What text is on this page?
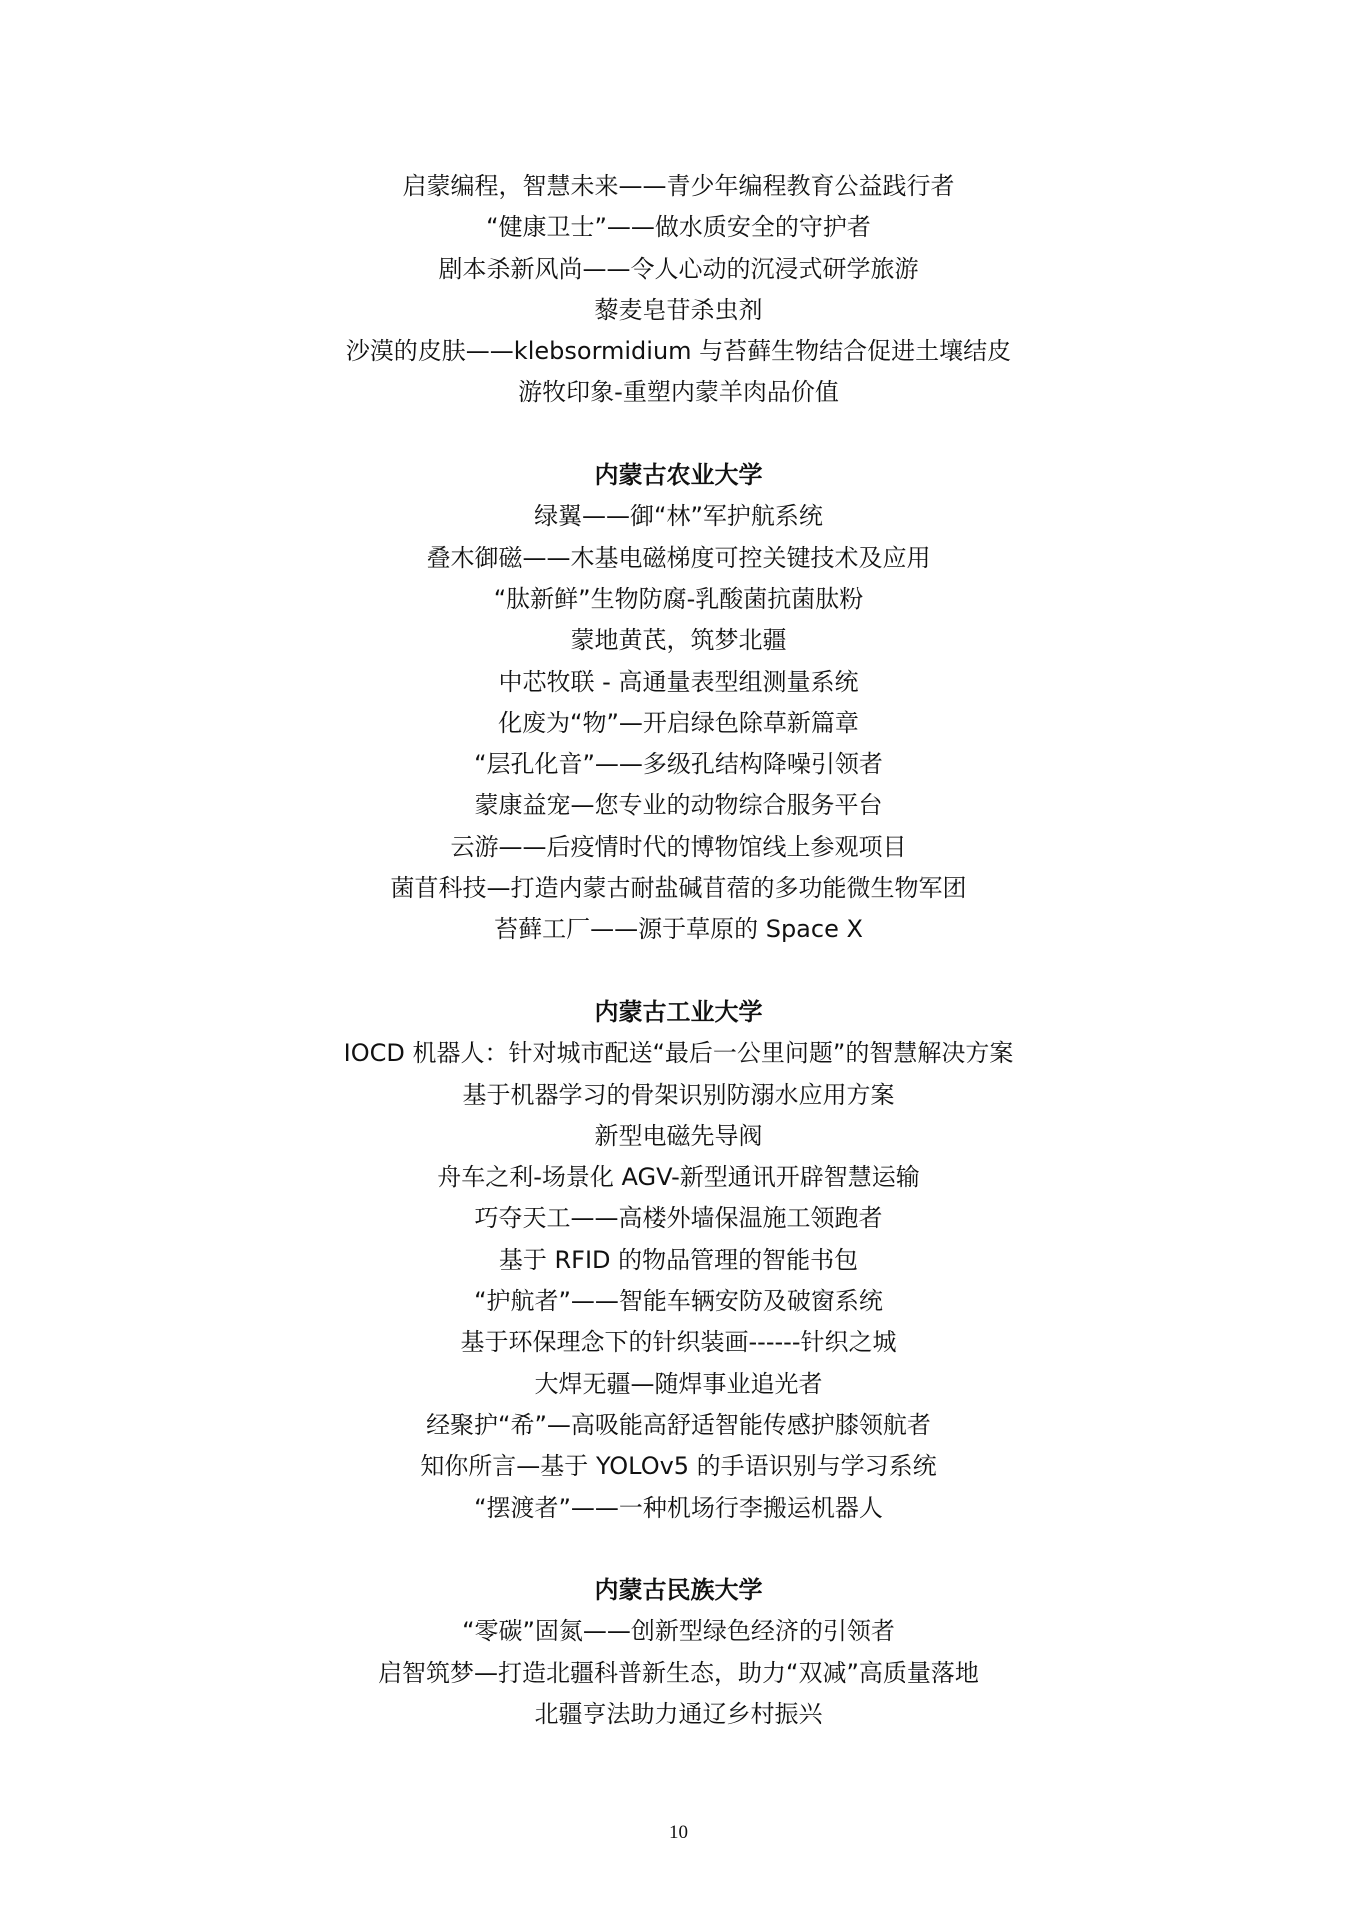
启蒙编程，智慧未来——青少年编程教育公益践行者
“健康卫士”——做水质安全的守护者
剧本杀新风尚——令人心动的沉浸式研学旅游
藜麦皂苷杀虫剂
沙漠的皮肤——klebsormidium 与苔藓生物结合促进土壤结皮
游牧印象-重塑内蒙羊肉品价值
内蒙古农业大学
绿翼——御“林”军护航系统
叠木御磁——木基电磁梯度可控关键技术及应用
“肽新鲜”生物防腐-乳酸菌抗菌肽粉
蒙地黄芪，筑梦北疆
中芯牧联 - 高通量表型组测量系统
化废为“物”—开启绿色除草新篇章
“层孔化音”——多级孔结构降噪引领者
蒙康益宠—您专业的动物综合服务平台
云游——后疫情时代的博物馆线上参观项目
菌苜科技—打造内蒙古耐盐碱苜蓿的多功能微生物军团
苔藓工厂——源于草原的 Space X
内蒙古工业大学
IOCD 机器人：针对城市配送“最后一公里问题”的智慧解决方案
基于机器学习的骨架识别防溺水应用方案
新型电磁先导阀
舟车之利-场景化 AGV-新型通讯开辟智慧运输
巧夺天工——高楼外墙保温施工领跑者
基于 RFID 的物品管理的智能书包
“护航者”——智能车辆安防及破窗系统
基于环保理念下的针织装画------针织之城
大焊无疆—随焊事业追光者
经聚护“希”—高吸能高舒适智能传感护膝领航者
知你所言—基于 YOLOv5 的手语识别与学习系统
“摆渡者”——一种机场行李搬运机器人
内蒙古民族大学
“零碳”固氮——创新型绿色经济的引领者
启智筑梦—打造北疆科普新生态，助力“双减”高质量落地
北疆亨法助力通辽乡村振兴
10
